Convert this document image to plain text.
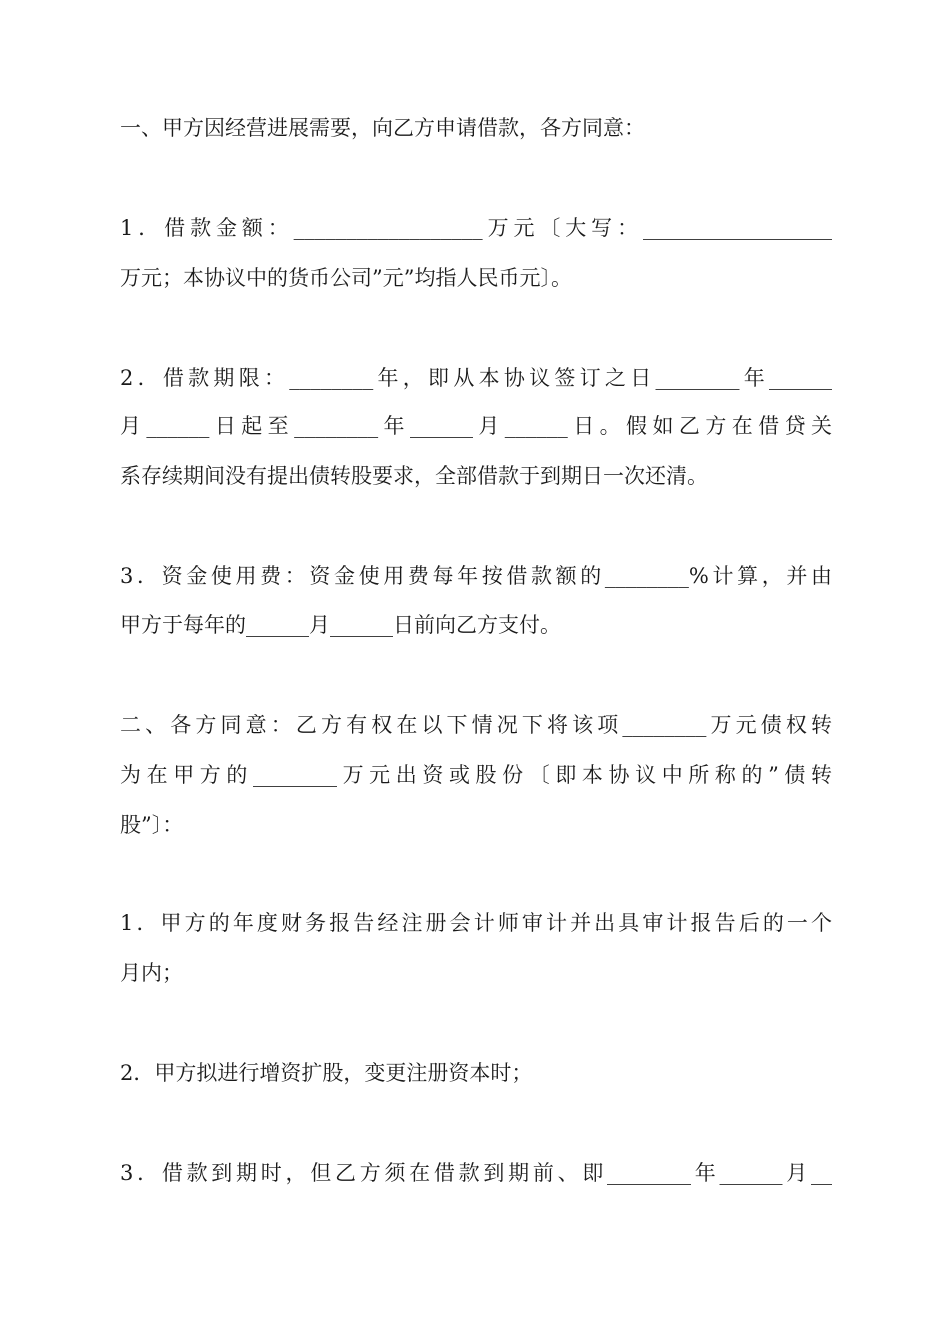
一、甲方因经营进展需要，向乙方申请借款，各方同意：

1．借款金额：__________________万元〔大写：__________________

万元；本协议中的货币公司”元”均指人民币元〕。

2．借款期限：________年，即从本协议签订之日________年______

月______日起至________年______月______日。假如乙方在借贷关

系存续期间没有提出债转股要求，全部借款于到期日一次还清。

3．资金使用费：资金使用费每年按借款额的________%计算，并由

甲方于每年的______月______日前向乙方支付。

二、各方同意：乙方有权在以下情况下将该项________万元债权转

为在甲方的________万元出资或股份〔即本协议中所称的”债转

股”〕：

1．甲方的年度财务报告经注册会计师审计并出具审计报告后的一个

月内；

2．甲方拟进行增资扩股，变更注册资本时；

3．借款到期时，但乙方须在借款到期前、即________年______月__
